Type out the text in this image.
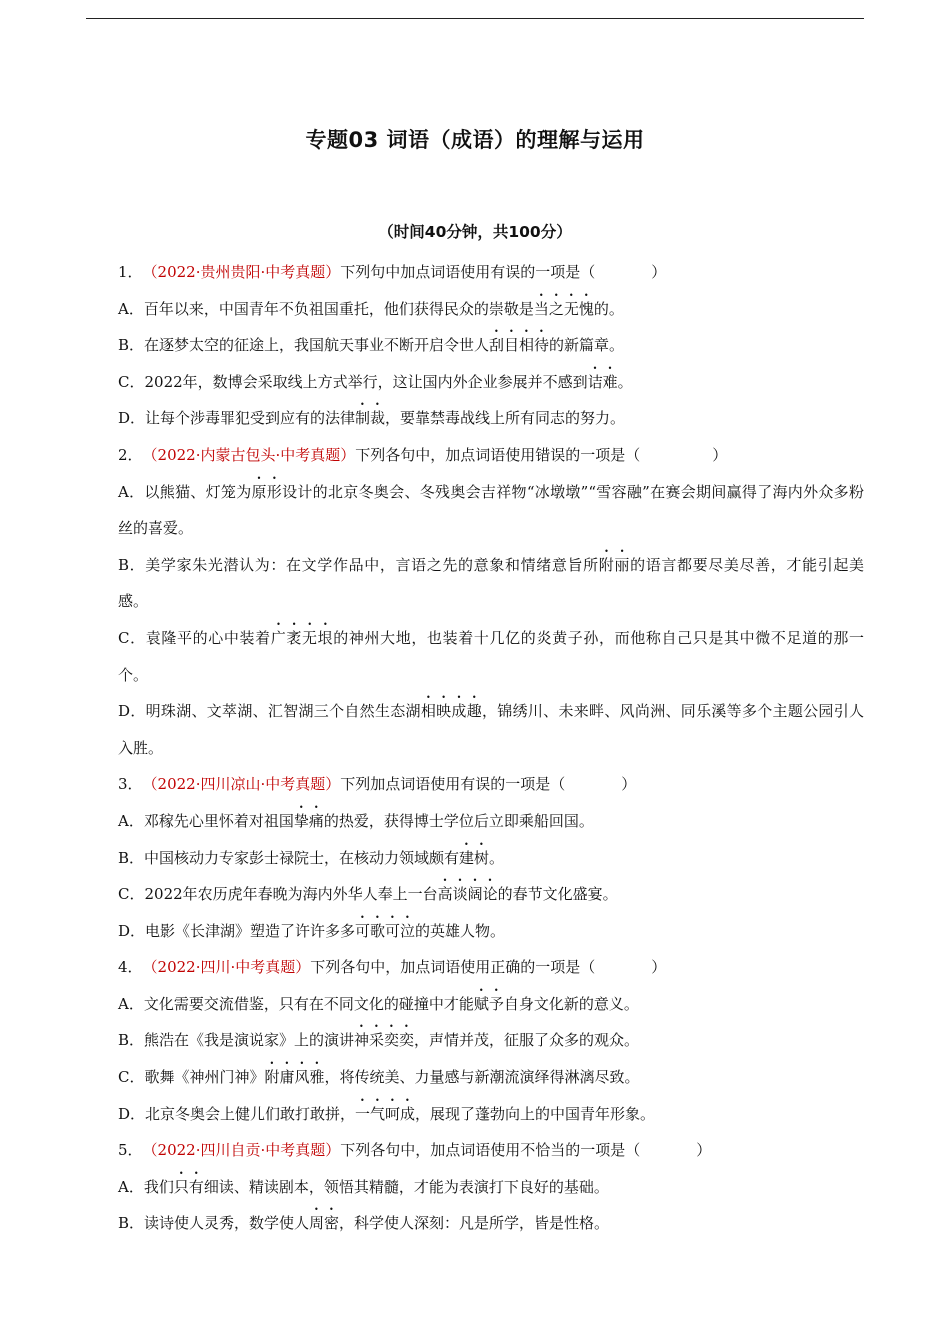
专题03 词语（成语）的理解与运用
（时间40分钟，共100分）
1．（2022·贵州贵阳·中考真题）下列句中加点词语使用有误的一项是（	）
A．百年以来，中国青年不负祖国重托，他们获得民众的崇敬是当之无愧的。
B．在逐梦太空的征途上，我国航天事业不断开启令世人刮目相待的新篇章。
C．2022年，数博会采取线上方式举行，这让国内外企业参展并不感到诘难。
D．让每个涉毒罪犯受到应有的法律制裁，要靠禁毒战线上所有同志的努力。
2．（2022·内蒙古包头·中考真题）下列各句中，加点词语使用错误的一项是（	）
A．以熊猫、灯笼为原形设计的北京冬奥会、冬残奥会吉祥物“冰墩墩”“雪容融”在赛会期间赢得了海内外众多粉丝的喜爱。
B．美学家朱光潜认为：在文学作品中，言语之先的意象和情绪意旨所附丽的语言都要尽美尽善，才能引起美感。
C．袁隆平的心中装着广袤无垠的神州大地，也装着十几亿的炎黄子孙，而他称自己只是其中微不足道的那一个。
D．明珠湖、文萃湖、汇智湖三个自然生态湖相映成趣，锦绣川、未来畔、风尚洲、同乐溪等多个主题公园引人入胜。
3．（2022·四川凉山·中考真题）下列加点词语使用有误的一项是（	）
A．邓稼先心里怀着对祖国挚痛的热爱，获得博士学位后立即乘船回国。
B．中国核动力专家彭士禄院士，在核动力领域颇有建树。
C．2022年农历虎年春晚为海内外华人奉上一台高谈阔论的春节文化盛宴。
D．电影《长津湖》塑造了许许多多可歌可泣的英雄人物。
4．（2022·四川·中考真题）下列各句中，加点词语使用正确的一项是（	）
A．文化需要交流借鉴，只有在不同文化的碰撞中才能赋予自身文化新的意义。
B．熊浩在《我是演说家》上的演讲神采奕奕，声情并茂，征服了众多的观众。
C．歌舞《神州门神》附庸风雅，将传统美、力量感与新潮流演绎得淋漓尽致。
D．北京冬奥会上健儿们敢打敢拼，一气呵成，展现了蓬勃向上的中国青年形象。
5．（2022·四川自贡·中考真题）下列各句中，加点词语使用不恰当的一项是（	）
A．我们只有细读、精读剧本，领悟其精髓，才能为表演打下良好的基础。
B．读诗使人灵秀，数学使人周密，科学使人深刻：凡是所学，皆是性格。
